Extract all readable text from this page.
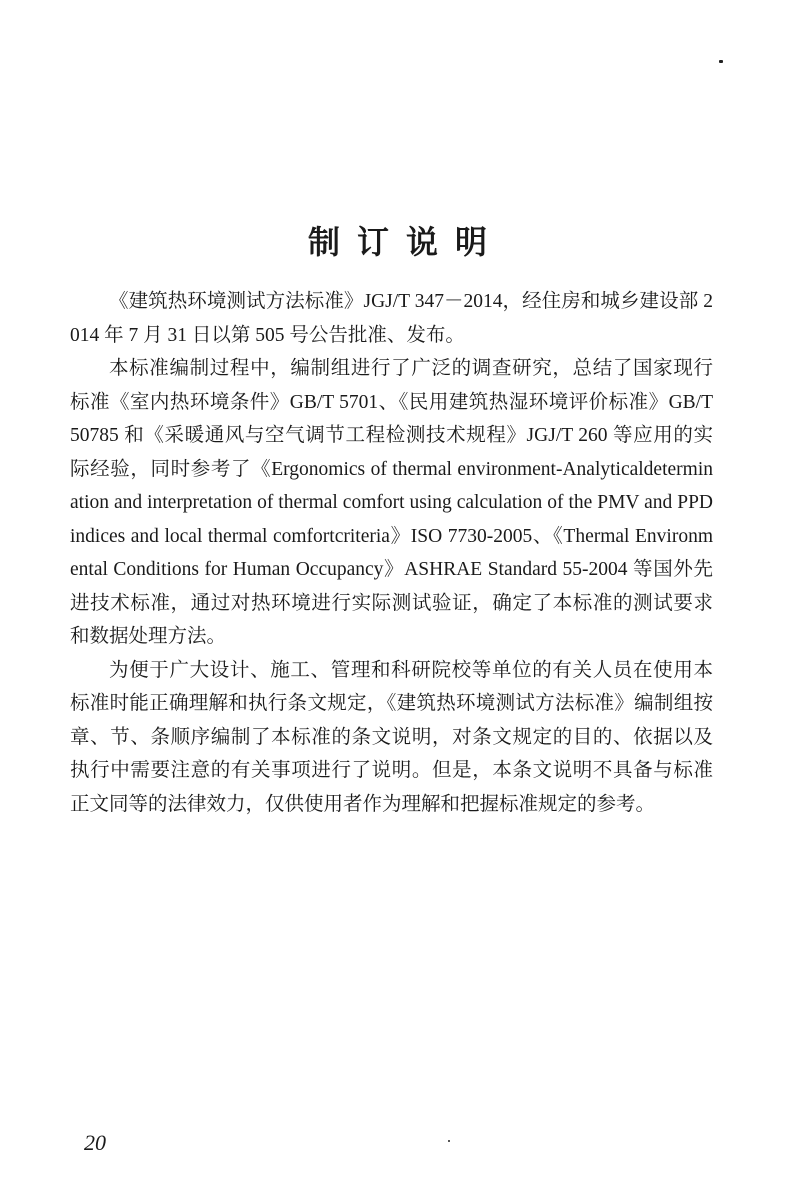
制订说明

《建筑热环境测试方法标准》JGJ/T 347－2014，经住房和城乡建设部 2014 年 7 月 31 日以第 505 号公告批准、发布。

本标准编制过程中，编制组进行了广泛的调查研究，总结了国家现行标准《室内热环境条件》GB/T 5701、《民用建筑热湿环境评价标准》GB/T 50785 和《采暖通风与空气调节工程检测技术规程》JGJ/T 260 等应用的实际经验，同时参考了《Ergonomics of thermal environment-Analyticaldetermination and interpretation of thermal comfort using calculation of the PMV and PPD indices and local thermal comfortcriteria》ISO 7730-2005、《Thermal Environmental Conditions for Human Occupancy》ASHRAE Standard 55-2004 等国外先进技术标准，通过对热环境进行实际测试验证，确定了本标准的测试要求和数据处理方法。

为便于广大设计、施工、管理和科研院校等单位的有关人员在使用本标准时能正确理解和执行条文规定，《建筑热环境测试方法标准》编制组按章、节、条顺序编制了本标准的条文说明，对条文规定的目的、依据以及执行中需要注意的有关事项进行了说明。但是，本条文说明不具备与标准正文同等的法律效力，仅供使用者作为理解和把握标准规定的参考。

20
